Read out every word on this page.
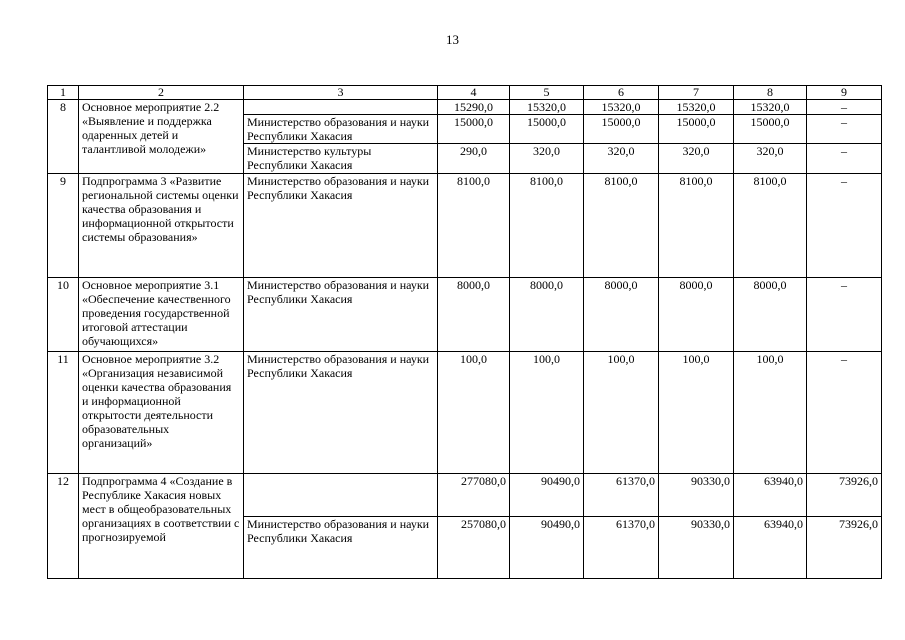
13
1	2	3	4	5	6	7	8	9
8	Основное мероприятие 2.2 «Выявление и поддержка одаренных детей и талантливой молодежи»		15290,0	15320,0	15320,0	15320,0	15320,0	–
		Министерство образования и науки Республики Хакасия	15000,0	15000,0	15000,0	15000,0	15000,0	–
		Министерство культуры Республики Хакасия	290,0	320,0	320,0	320,0	320,0	–
9	Подпрограмма 3 «Развитие региональной системы оценки качества образования и информационной открытости системы образования»	Министерство образования и науки Республики Хакасия	8100,0	8100,0	8100,0	8100,0	8100,0	–
10	Основное мероприятие 3.1 «Обеспечение качественного проведения государственной итоговой аттестации обучающихся»	Министерство образования и науки Республики Хакасия	8000,0	8000,0	8000,0	8000,0	8000,0	–
11	Основное мероприятие 3.2 «Организация независимой оценки качества образования и информационной открытости деятельности образовательных организаций»	Министерство образования и науки Республики Хакасия	100,0	100,0	100,0	100,0	100,0	–
12	Подпрограмма 4 «Создание в Республике Хакасия новых мест в общеобразовательных организациях в соответствии с прогнозируемой		277080,0	90490,0	61370,0	90330,0	63940,0	73926,0
		Министерство образования и науки Республики Хакасия	257080,0	90490,0	61370,0	90330,0	63940,0	73926,0
